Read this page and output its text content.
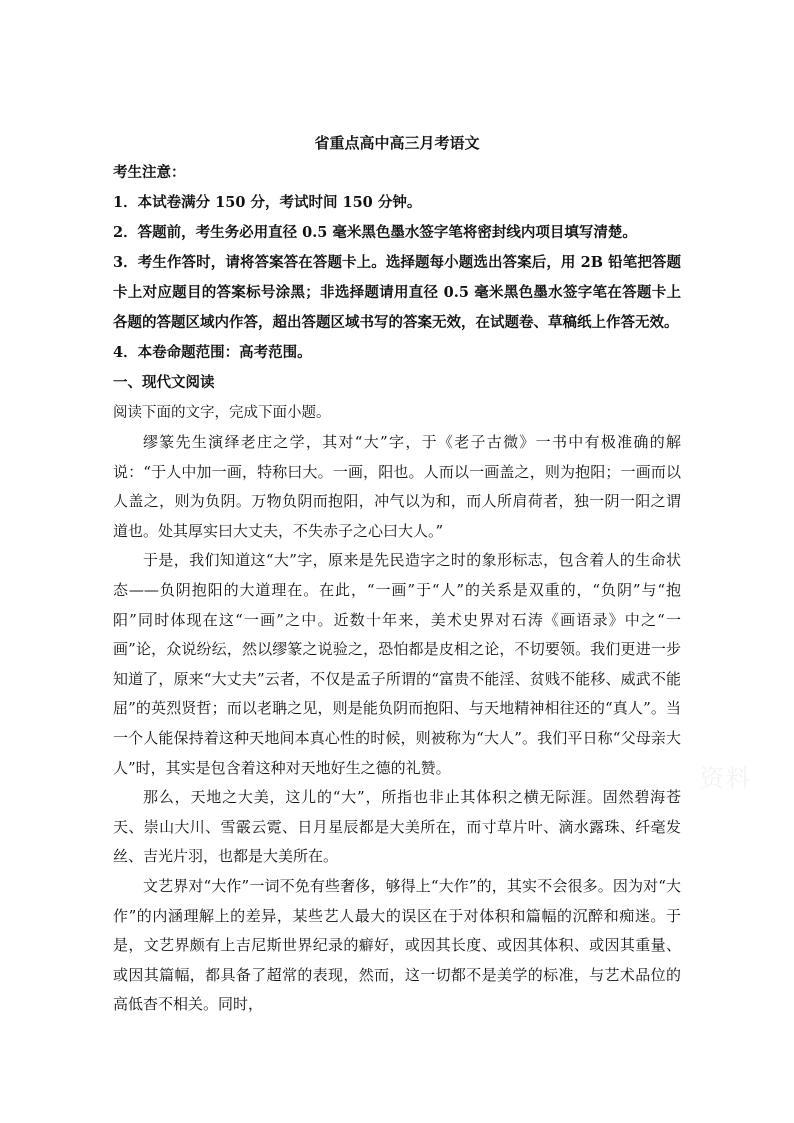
省重点高中高三月考语文

考生注意：

1．本试卷满分 150 分，考试时间 150 分钟。

2．答题前，考生务必用直径 0.5 毫米黑色墨水签字笔将密封线内项目填写清楚。

3．考生作答时，请将答案答在答题卡上。选择题每小题选出答案后，用 2B 铅笔把答题卡上对应题目的答案标号涂黑；非选择题请用直径 0.5 毫米黑色墨水签字笔在答题卡上各题的答题区域内作答，超出答题区域书写的答案无效，在试题卷、草稿纸上作答无效。

4．本卷命题范围：高考范围。

一、现代文阅读

阅读下面的文字，完成下面小题。

缪篆先生演绎老庄之学，其对“大”字，于《老子古微》一书中有极准确的解说：“于人中加一画，特称曰大。一画，阳也。人而以一画盖之，则为抱阳；一画而以人盖之，则为负阴。万物负阴而抱阳，冲气以为和，而人所肩荷者，独一阴一阳之谓道也。处其厚实曰大丈夫，不失赤子之心曰大人。”

于是，我们知道这“大”字，原来是先民造字之时的象形标志，包含着人的生命状态——负阴抱阳的大道理在。在此，“一画”于“人”的关系是双重的，“负阴”与“抱阳”同时体现在这“一画”之中。近数十年来，美术史界对石涛《画语录》中之“一画”论，众说纷纭，然以缪篆之说验之，恐怕都是皮相之论，不切要领。我们更进一步知道了，原来“大丈夫”云者，不仅是孟子所谓的“富贵不能淫、贫贱不能移、威武不能屈”的英烈贤哲；而以老聃之见，则是能负阴而抱阳、与天地精神相往还的“真人”。当一个人能保持着这种天地间本真心性的时候，则被称为“大人”。我们平日称“父母亲大人”时，其实是包含着这种对天地好生之德的礼赞。

那么，天地之大美，这儿的“大”，所指也非止其体积之横无际涯。固然碧海苍天、崇山大川、雪霰云霓、日月星辰都是大美所在，而寸草片叶、滴水露珠、纤毫发丝、吉光片羽，也都是大美所在。

文艺界对“大作”一词不免有些奢侈，够得上“大作”的，其实不会很多。因为对“大作”的内涵理解上的差异，某些艺人最大的误区在于对体积和篇幅的沉醉和痴迷。于是，文艺界颇有上吉尼斯世界纪录的癖好，或因其长度、或因其体积、或因其重量、或因其篇幅，都具备了超常的表现，然而，这一切都不是美学的标准，与艺术品位的高低杳不相关。同时，

资料
